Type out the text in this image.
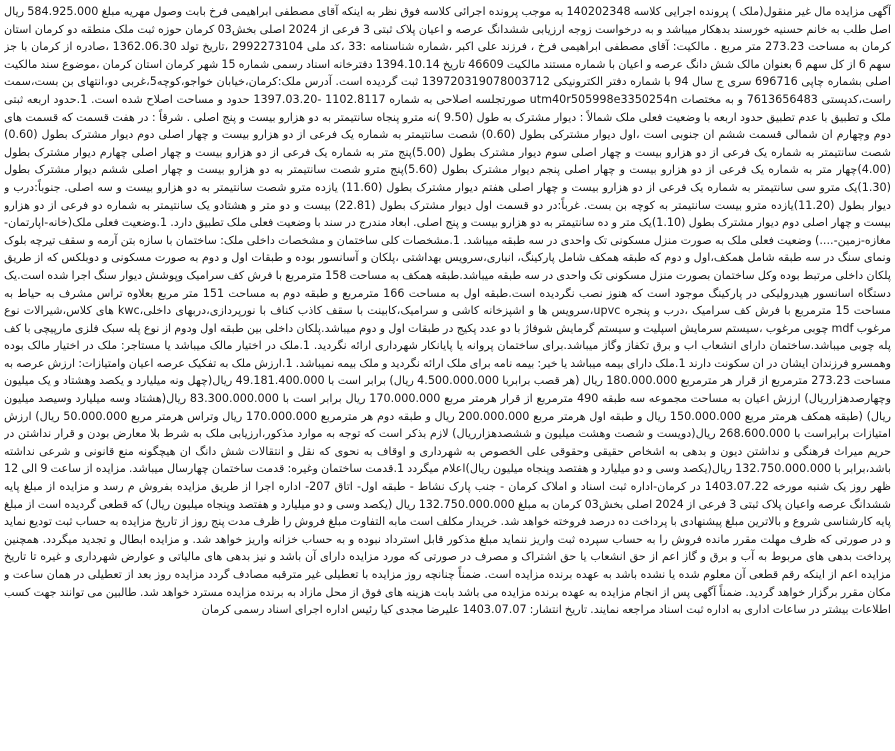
آگهی مزایده مال غیر منقول(ملک ) پرونده اجرایی کلاسه 140202348 به موجب پرونده اجرائی کلاسه فوق نظر به اینکه آقای مصطفی ابراهیمی فرخ بابت وصول مهریه مبلغ 584.925.000 ریال اصل طلب به خانم حسنیه خورسند بدهکار میباشد و به درخواست زوجه ارزیابی ششدانگ عرصه و اعیان پلاک ثبتی 3 فرعی از 2024 اصلی بخش03 کرمان حوزه ثبت ملک منطقه دو کرمان استان کرمان به مساحت 273.23 متر مربع . مالکیت: آقای مصطفی ابراهیمی فرخ ، فرزند علی اکبر ،شماره شناسنامه :33 ،کد ملی 2992273104 ،تاریخ تولد 1362.06.30 ،صادره از کرمان با جز سهم 6 از کل سهم 6 بعنوان مالک شش دانگ عرصه و اعیان با شماره مستند مالکیت 46609 تاریخ 1394.10.14 دفترخانه اسناد رسمی شماره 15 شهر کرمان استان کرمان ،موضوع سند مالکیت اصلی بشماره چاپی 696716 سری ج سال 94 با شماره دفتر الکترونیکی 139720319078003712 ثبت گردیده است. آدرس ملک:کرمان،خیابان خواجو،کوچه5،غربی دو،انتهای بن بست،سمت راست،کدپستی 7613656483 و به مختصات utm40r505998e3350254n صورتجلسه اصلاحی به شماره 1102.8117 -1397.03.20 حدود و مساحت اصلاح شده است. 1.حدود اربعه ثبتی ملک و تطبیق با عدم تطبیق حدود اربعه با وضعیت فعلی ملک شمالاً : دیوار مشترک به طول (9.50 )نه مترو پنجاه سانتیمتر به دو هزارو بیست و پنج اصلی . شرقاً : در هفت قسمت که قسمت های دوم وچهارم ان شمالی قسمت ششم ان جنوبی است ،اول دیوار مشترکی بطول (0.60) شصت سانتیمتر به شماره یک فرعی از دو هزارو بیست و چهار اصلی دوم دیوار مشترک بطول (0.60) شصت سانتیمتر به شماره یک فرعی از دو هزارو بیست و چهار اصلی سوم دیوار مشترک بطول (5.00)پنج متر به شماره یک فرعی از دو هزارو بیست و چهار اصلی چهارم دیوار مشترک بطول (4.00)چهار متر به شماره یک فرعی از دو هزارو بیست و چهار اصلی پنجم دیوار مشترک بطول (5.60)پنج مترو شصت سانتیمتر به دو هزارو بیست و چهار اصلی ششم دیوار مشترک بطول (1.30)یک مترو سی سانتیمتر به شماره یک فرعی از دو هزارو بیست و چهار اصلی هفتم دیوار مشترک بطول (11.60) یازده مترو شصت سانتیمتر به دو هزارو بیست و سه اصلی. جنوباً:درب و دیوار بطول (11.20)یازده مترو بیست سانتیمتر به کوچه بن بست. غرباً:در دو قسمت اول دیوار مشترک بطول (22.81) بیست و دو متر و هشتادو یک سانتیمتر به شماره دو فرعی از دو هزارو بیست و چهار اصلی دوم دیوار مشترک بطول (1.10)یک متر و ده سانتیمتر به دو هزارو بیست و پنج اصلی. ابعاد مندرج در سند با وضعیت فعلی ملک تطبیق دارد. 1.وضعیت فعلی ملک(خانه-اپارتمان-مغازه-زمین-....) وضعیت فعلی ملک به صورت منزل مسکونی تک واحدی در سه طبقه میباشد. 1.مشخصات کلی ساختمان و مشخصات داخلی ملک: ساختمان با سازه بتن آرمه و سقف تیرچه بلوک ونمای سنگ در سه طبقه شامل همکف،اول و دوم که طبقه همکف شامل پارکینگ، انباری،سرویس بهداشتی ،پلکان و آسانسور بوده و طبقات اول و دوم به صورت مسکونی و دوبلکس که از طریق پلکان داخلی مرتبط بوده وکل ساختمان بصورت منزل مسکونی تک واحدی در سه طبقه میباشد.طبقه همکف به مساحت 158 مترمربع با فرش کف سرامیک وپوشش دیوار سنگ اجرا شده است.یک دستگاه اسانسور هیدرولیکی در پارکینگ موجود است که هنوز نصب نگردیده است.طبقه اول به مساحت 166 مترمربع و طبقه دوم به مساحت 151 متر مربع بعلاوه تراس مشرف به حیاط به مساحت 15 مترمربع با فرش کف سرامیک ،درب و پنجره upvc،سرویس ها و اشپزخانه کاشی و سرامیک،کابینت با سقف کاذب کناف با نورپردازی،دربهای داخلی،kwc های کلاس،شیرالات نوع مرغوب mdf چوبی مرغوب ،سیستم سرمایش اسپلیت و سیستم گرمایش شوفاژ با دو عدد پکیج در طبقات اول و دوم میباشد.پلکان داخلی بین طبقه اول ودوم از نوع پله سبک فلزی مارپیچی با کف پله چوبی میباشد.ساختمان دارای انشعاب اب و برق تکفاز وگاز میباشد.برای ساختمان پروانه یا پایانکار شهرداری ارائه نگردید. 1.ملک در اختیار مالک میباشد یا مستاجر: ملک در اختیار مالک بوده وهمسرو فرزندان ایشان در ان سکونت دارند 1.ملک دارای بیمه میباشد یا خیر: بیمه نامه برای ملک ارائه نگردید و ملک بیمه نمیباشد. 1.ارزش ملک به تفکیک عرصه اعیان وامتیازات: ارزش عرصه به مساحت 273.23 مترمربع از قرار هر مترمربع 180.000.000 ریال (هر قصب برابربا 4.500.000.000 ریال) برابر است با 49.181.400.000 ریال(چهل ونه میلیارد و یکصد وهشتاد و یک میلیون وچهارصدهزارریال) ارزش اعیان به مساحت مجموعه سه طبقه 490 مترمربع از قرار هرمتر مربع 170.000.000 ریال برابر است با 83.300.000.000 ریال(هشتاد وسه میلیارد وسیصد میلیون ریال) (طبقه همکف هرمتر مربع 150.000.000 ریال و طبقه اول هرمتر مربع 200.000.000 ریال و طبقه دوم هر مترمربع 170.000.000 ریال وتراس هرمتر مربع 50.000.000 ریال) ارزش امتیازات برابراست با 268.600.000 ریال(دویست و شصت وهشت میلیون و ششصدهزارریال) لازم بذکر است که توجه به موارد مذکور،ارزیابی ملک به شرط بلا معارض بودن و قرار نداشتن در حریم میراث فرهنگی و نداشتن دیون و بدهی به اشخاص حقیقی وحقوقی علی الخصوص به شهرداری و اوقاف به نحوی که نقل و انتقالات شش دانگ ان هیچگونه منع قانونی و شرعی نداشته باشد،برابر با 132.750.000.000 ریال(یکصد وسی و دو میلیارد و هفتصد وپنجاه میلیون ریال)اعلام میگردد 1.قدمت ساختمان وغیره: قدمت ساختمان چهارسال میباشد. مزایده از ساعت 9 الی 12 ظهر روز یک شنبه مورخه 1403.07.22 در کرمان-اداره ثبت اسناد و املاک کرمان - جنب پارک نشاط - طبقه اول- اتاق 207- اداره اجرا از طریق مزایده بفروش م رسد و مزایده از مبلغ پایه ششدانگ عرصه واعیان پلاک ثبتی 3 فرعی از 2024 اصلی بخش03 کرمان به مبلغ 132.750.000.000 ریال (یکصد وسی و دو میلیارد و هفتصد وپنجاه میلیون ریال) که قطعی گردیده است از مبلغ پایه کارشناسی شروع و بالاترین مبلغ پیشنهادی با پرداخت ده درصد فروخته خواهد شد. خریدار مکلف است مابه التفاوت مبلغ فروش را ظرف مدت پنج روز از تاریخ مزایده به حساب ثبت تودیع نماید و در صورتی که ظرف مهلت مقرر مانده فروش را به حساب سپرده ثبت واریز ننماید مبلغ مذکور قابل استرداد نبوده و به حساب خزانه واریز خواهد شد. و مزایده ابطال و تجدید میگردد. همچنین پرداخت بدهی های مربوط به آب و برق و گاز اعم از حق انشعاب یا حق اشتراک و مصرف در صورتی که مورد مزایده دارای آن باشد و نیز بدهی های مالیاتی و عوارض شهرداری و غیره تا تاریخ مزایده اعم از اینکه رقم قطعی آن معلوم شده یا نشده باشد به عهده برنده مزایده است. ضمناً چنانچه روز مزایده با تعطیلی غیر مترقبه مصادف گردد مزایده روز بعد از تعطیلی در همان ساعت و مکان مقرر برگزار خواهد گردید. ضمناً آگهی پس از انجام مزایده به عهده برنده مزایده می باشد بابت هزینه های فوق از محل مازاد به برنده مزایده مسترد خواهد شد. طالبین می توانند جهت کسب اطلاعات بیشتر در ساعات اداری به اداره ثبت اسناد مراجعه نمایند. تاریخ انتشار: 1403.07.07 علیرضا مجدی کیا رئیس اداره اجرای اسناد رسمی کرمان
